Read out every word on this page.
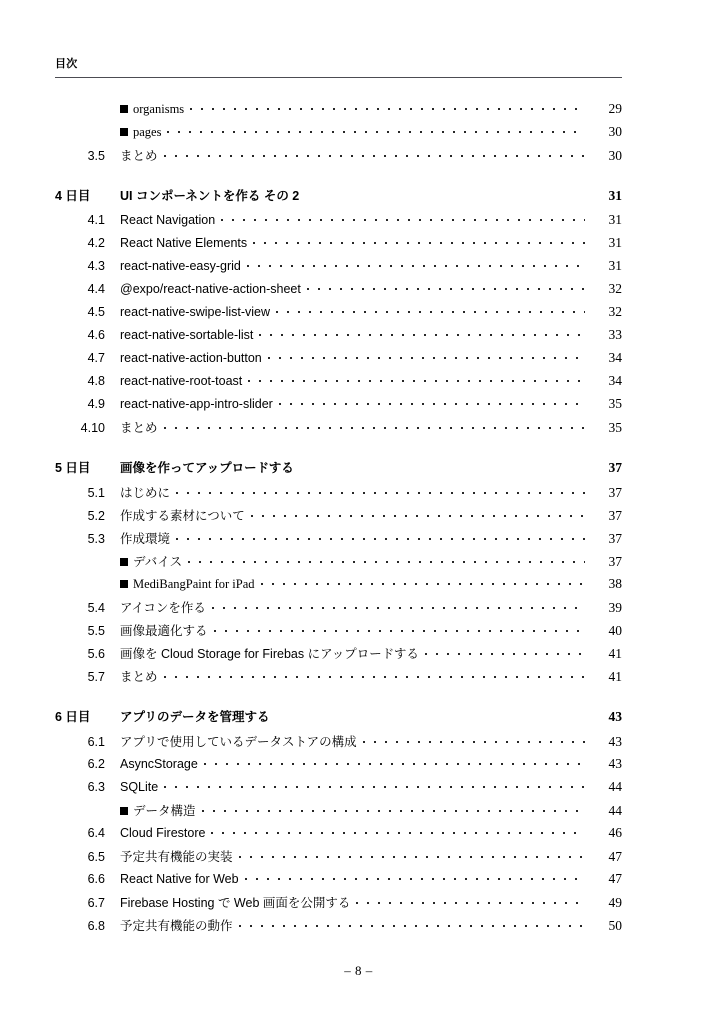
目次
organisms	29
pages	30
3.5 まとめ	30
4 日目	UI コンポーネントを作る その 2	31
4.1 React Navigation	31
4.2 React Native Elements	31
4.3 react-native-easy-grid	31
4.4 @expo/react-native-action-sheet	32
4.5 react-native-swipe-list-view	32
4.6 react-native-sortable-list	33
4.7 react-native-action-button	34
4.8 react-native-root-toast	34
4.9 react-native-app-intro-slider	35
4.10 まとめ	35
5 日目	画像を作ってアップロードする	37
5.1 はじめに	37
5.2 作成する素材について	37
5.3 作成環境	37
デバイス	37
MediBangPaint for iPad	38
5.4 アイコンを作る	39
5.5 画像最適化する	40
5.6 画像を Cloud Storage for Firebas にアップロードする	41
5.7 まとめ	41
6 日目	アプリのデータを管理する	43
6.1 アプリで使用しているデータストアの構成	43
6.2 AsyncStorage	43
6.3 SQLite	44
データ構造	44
6.4 Cloud Firestore	46
6.5 予定共有機能の実装	47
6.6 React Native for Web	47
6.7 Firebase Hosting で Web 画面を公開する	49
6.8 予定共有機能の動作	50
– 8 –
